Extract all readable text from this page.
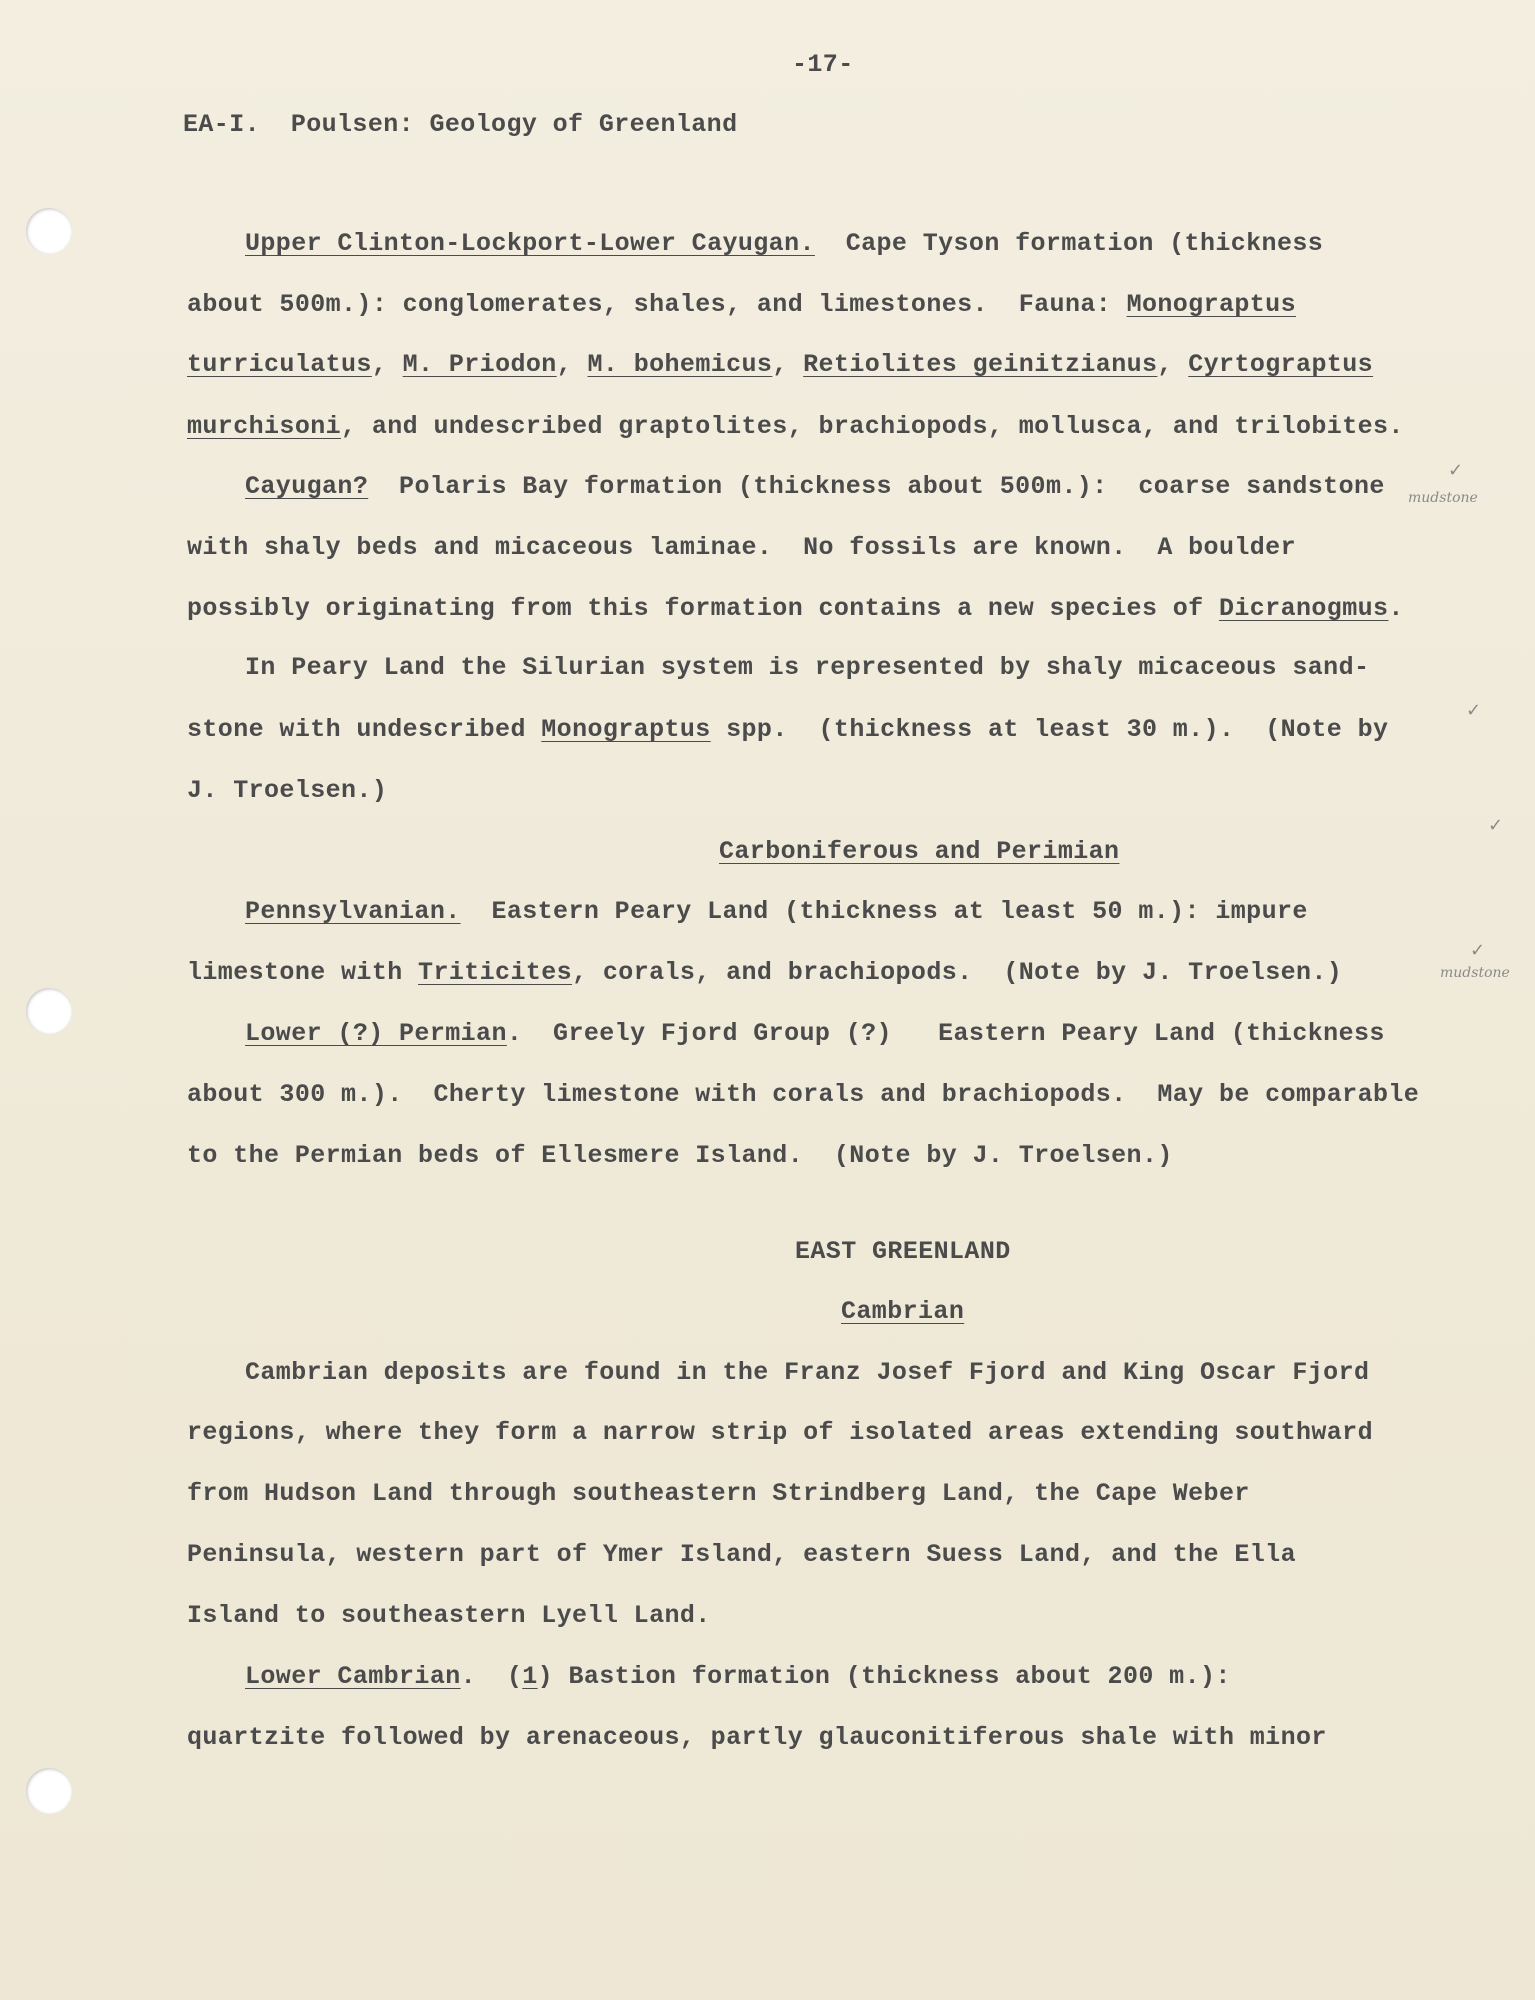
-17-
EA-I.  Poulsen: Geology of Greenland
Upper Clinton-Lockport-Lower Cayugan.  Cape Tyson formation (thickness
about 500m.): conglomerates, shales, and limestones.  Fauna: Monograptus
turriculatus, M. Priodon, M. bohemicus, Retiolites geinitzianus, Cyrtograptus
murchisoni, and undescribed graptolites, brachiopods, mollusca, and trilobites.
Cayugan?  Polaris Bay formation (thickness about 500m.):  coarse sandstone
with shaly beds and micaceous laminae.  No fossils are known.  A boulder
possibly originating from this formation contains a new species of Dicranogmus.
In Peary Land the Silurian system is represented by shaly micaceous sand-
stone with undescribed Monograptus spp.  (thickness at least 30 m.).  (Note by
J. Troelsen.)
Carboniferous and Perimian
Pennsylvanian.  Eastern Peary Land (thickness at least 50 m.): impure
limestone with Triticites, corals, and brachiopods.  (Note by J. Troelsen.)
Lower (?) Permian.  Greely Fjord Group (?)   Eastern Peary Land (thickness
about 300 m.).  Cherty limestone with corals and brachiopods.  May be comparable
to the Permian beds of Ellesmere Island.  (Note by J. Troelsen.)
EAST GREENLAND
Cambrian
Cambrian deposits are found in the Franz Josef Fjord and King Oscar Fjord
regions, where they form a narrow strip of isolated areas extending southward
from Hudson Land through southeastern Strindberg Land, the Cape Weber
Peninsula, western part of Ymer Island, eastern Suess Land, and the Ella
Island to southeastern Lyell Land.
Lower Cambrian.  (1) Bastion formation (thickness about 200 m.):
quartzite followed by arenaceous, partly glauconitiferous shale with minor
✓
mudstone
✓
✓
✓
mudstone
